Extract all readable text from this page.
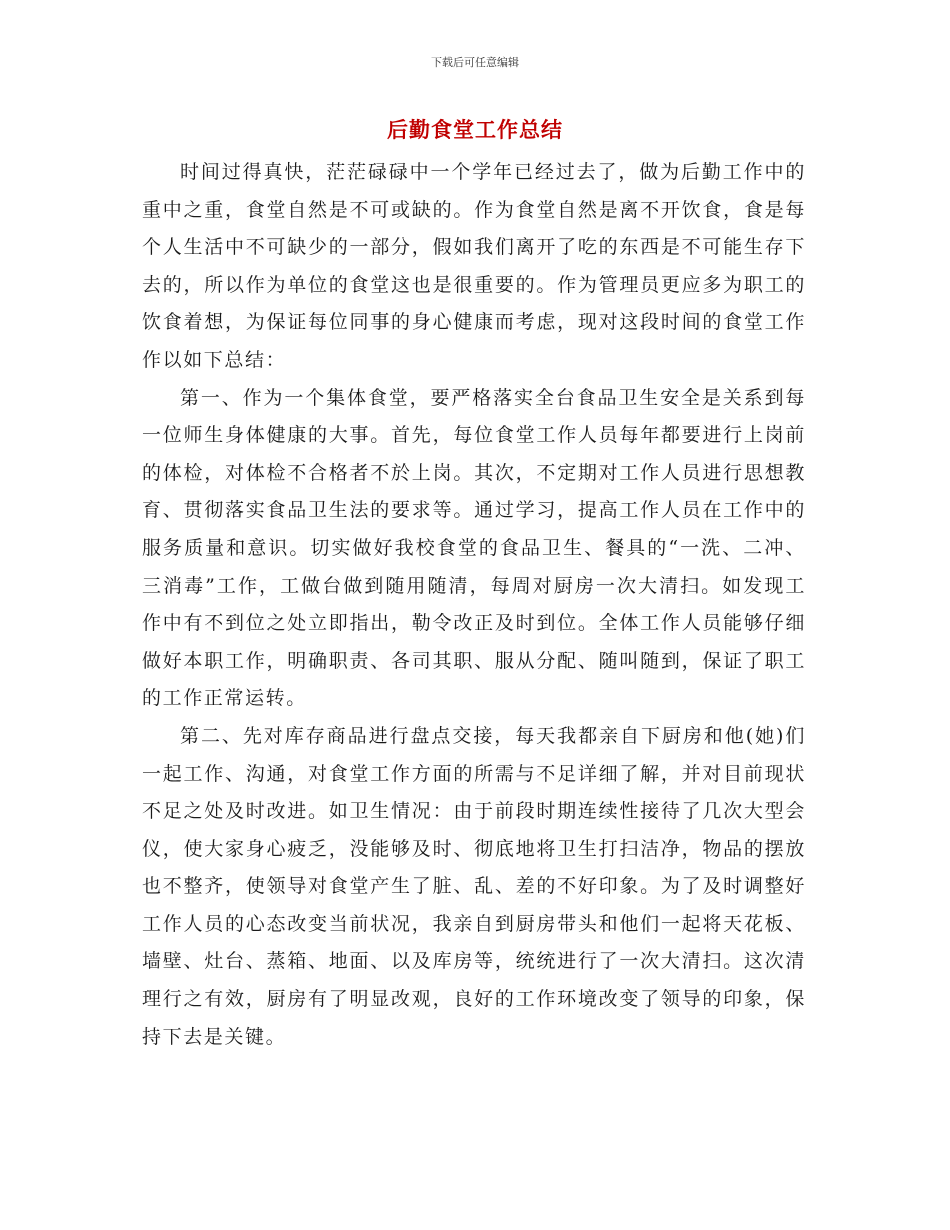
下载后可任意编辑
后勤食堂工作总结

时间过得真快，茫茫碌碌中一个学年已经过去了，做为后勤工作中的重中之重，食堂自然是不可或缺的。作为食堂自然是离不开饮食，食是每个人生活中不可缺少的一部分，假如我们离开了吃的东西是不可能生存下去的，所以作为单位的食堂这也是很重要的。作为管理员更应多为职工的饮食着想，为保证每位同事的身心健康而考虑，现对这段时间的食堂工作作以如下总结：

第一、作为一个集体食堂，要严格落实全台食品卫生安全是关系到每一位师生身体健康的大事。首先，每位食堂工作人员每年都要进行上岗前的体检，对体检不合格者不於上岗。其次，不定期对工作人员进行思想教育、贯彻落实食品卫生法的要求等。通过学习，提高工作人员在工作中的服务质量和意识。切实做好我校食堂的食品卫生、餐具的“一洗、二冲、三消毒”工作，工做台做到随用随清，每周对厨房一次大清扫。如发现工作中有不到位之处立即指出，勒令改正及时到位。全体工作人员能够仔细做好本职工作，明确职责、各司其职、服从分配、随叫随到，保证了职工的工作正常运转。

第二、先对库存商品进行盘点交接，每天我都亲自下厨房和他(她)们一起工作、沟通，对食堂工作方面的所需与不足详细了解，并对目前现状不足之处及时改进。如卫生情况：由于前段时期连续性接待了几次大型会仪，使大家身心疲乏，没能够及时、彻底地将卫生打扫洁净，物品的摆放也不整齐，使领导对食堂产生了脏、乱、差的不好印象。为了及时调整好工作人员的心态改变当前状况，我亲自到厨房带头和他们一起将天花板、墙壁、灶台、蒸箱、地面、以及库房等，统统进行了一次大清扫。这次清理行之有效，厨房有了明显改观，良好的工作环境改变了领导的印象，保持下去是关键。
